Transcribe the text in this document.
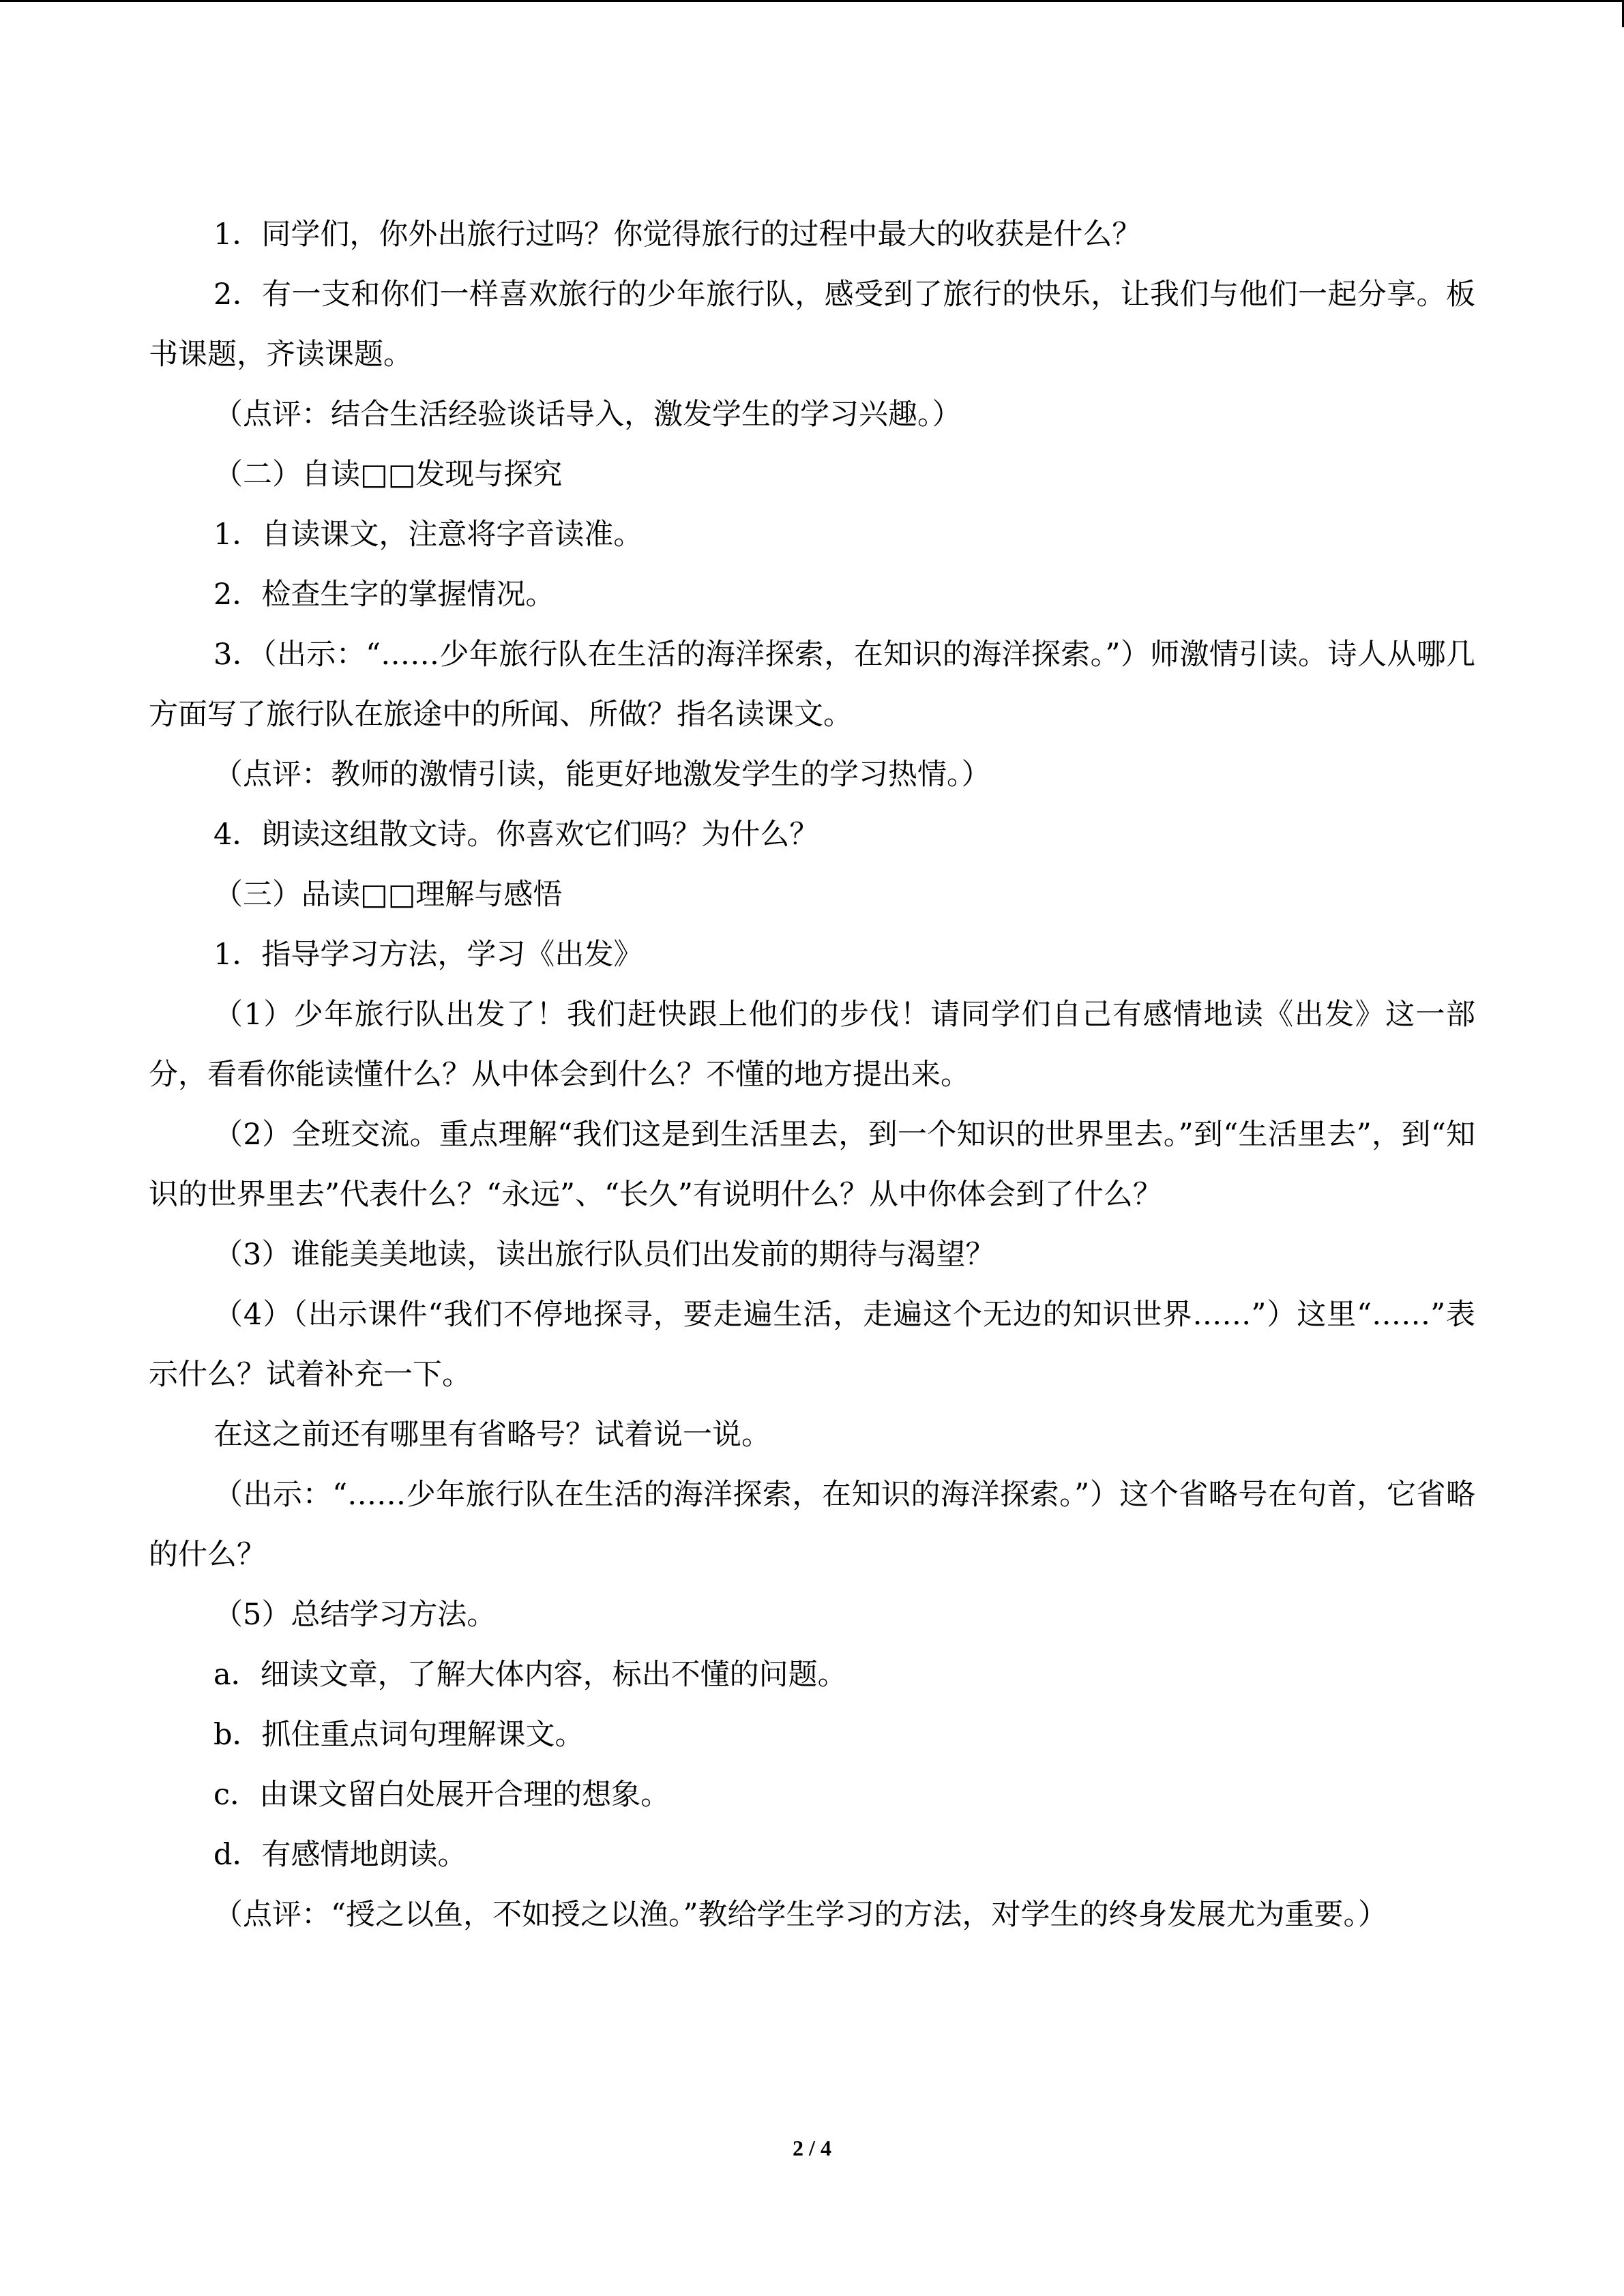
1．同学们，你外出旅行过吗？你觉得旅行的过程中最大的收获是什么？

2．有一支和你们一样喜欢旅行的少年旅行队，感受到了旅行的快乐，让我们与他们一起分享。板书课题，齐读课题。

（点评：结合生活经验谈话导入，激发学生的学习兴趣。）

（二）自读□□发现与探究

1．自读课文，注意将字音读准。

2．检查生字的掌握情况。

3．（出示：“……少年旅行队在生活的海洋探索，在知识的海洋探索。”）师激情引读。诗人从哪几方面写了旅行队在旅途中的所闻、所做？指名读课文。

（点评：教师的激情引读，能更好地激发学生的学习热情。）

4．朗读这组散文诗。你喜欢它们吗？为什么？

（三）品读□□理解与感悟

1．指导学习方法，学习《出发》

（1）少年旅行队出发了！我们赶快跟上他们的步伐！请同学们自己有感情地读《出发》这一部分，看看你能读懂什么？从中体会到什么？不懂的地方提出来。

（2）全班交流。重点理解“我们这是到生活里去，到一个知识的世界里去。”到“生活里去”，到“知识的世界里去”代表什么？“永远”、“长久”有说明什么？从中你体会到了什么？

（3）谁能美美地读，读出旅行队员们出发前的期待与渴望？

（4）（出示课件“我们不停地探寻，要走遍生活，走遍这个无边的知识世界……”）这里“……”表示什么？试着补充一下。

在这之前还有哪里有省略号？试着说一说。

（出示：“……少年旅行队在生活的海洋探索，在知识的海洋探索。”）这个省略号在句首，它省略的什么？

（5）总结学习方法。

a．细读文章，了解大体内容，标出不懂的问题。

b．抓住重点词句理解课文。

c．由课文留白处展开合理的想象。

d．有感情地朗读。

（点评：“授之以鱼，不如授之以渔。”教给学生学习的方法，对学生的终身发展尤为重要。）

2 / 4
